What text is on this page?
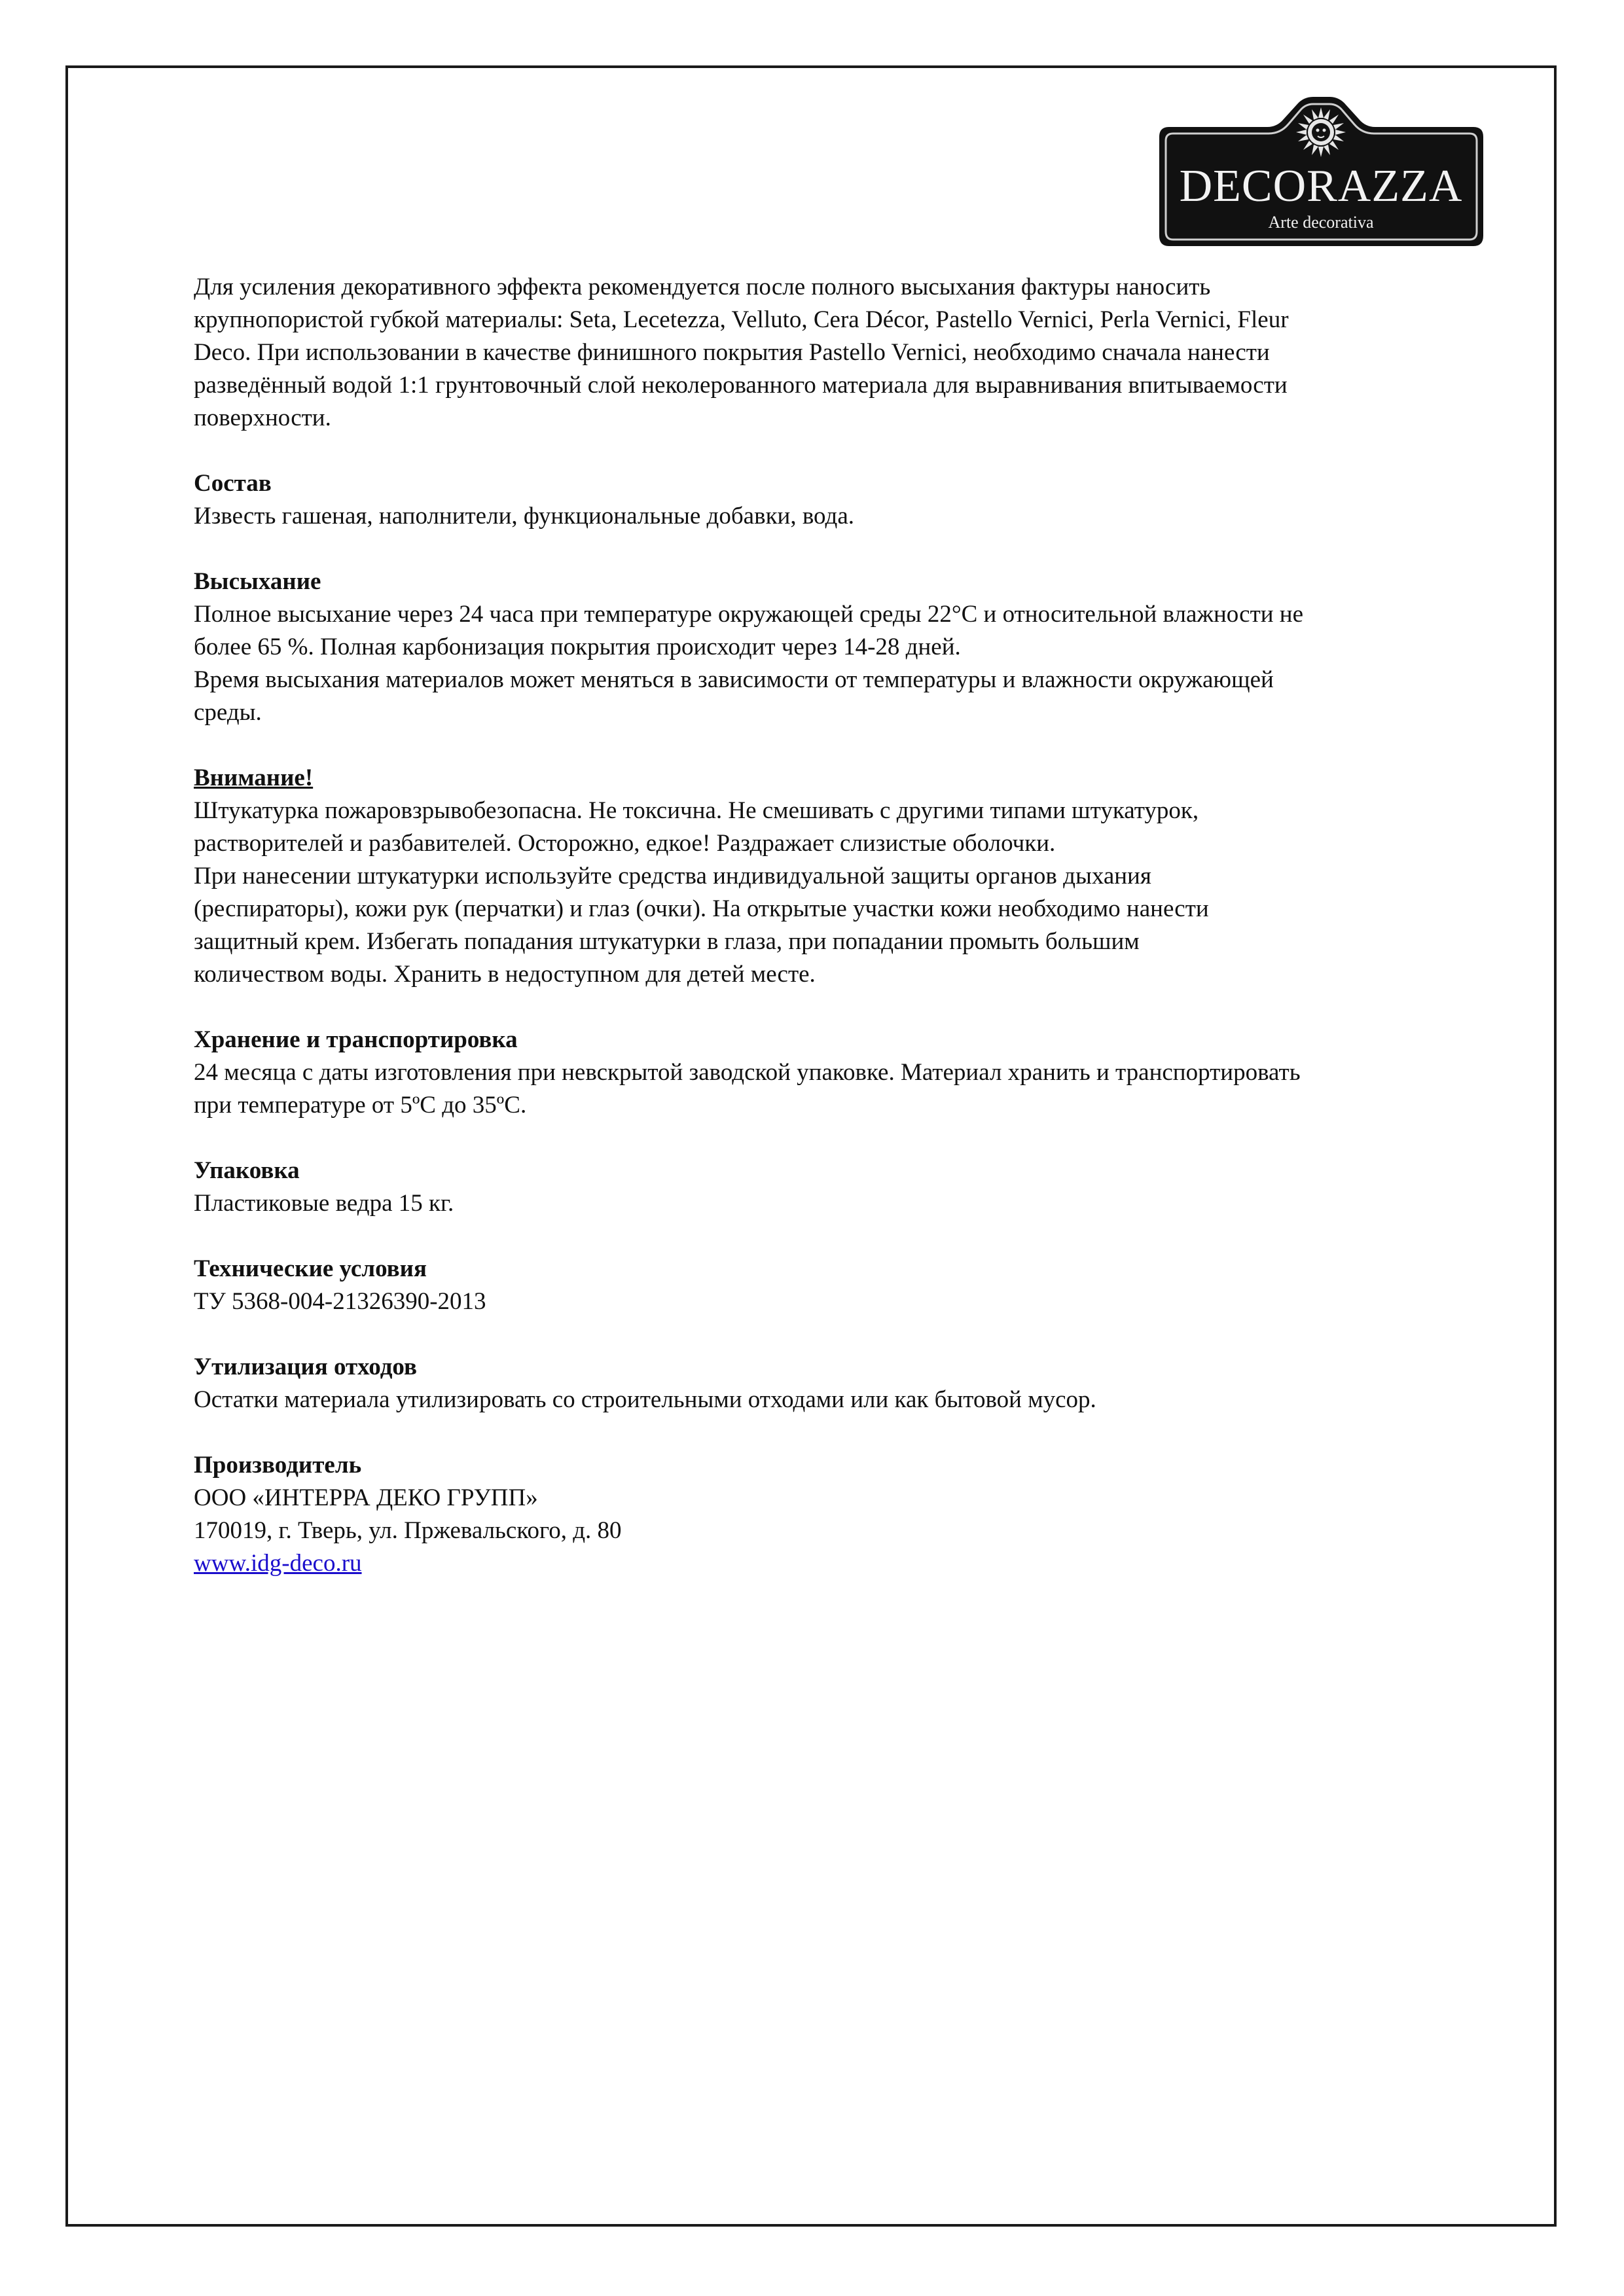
DECORAZZA
Arte decorativa

Для усиления декоративного эффекта рекомендуется после полного высыхания фактуры наносить

крупнопористой губкой материалы: Seta, Lecetezza, Velluto, Cera Décor, Pastello Vernici, Perla Vernici, Fleur

Deco. При использовании в качестве финишного покрытия Pastello Vernici, необходимо сначала нанести

разведённый водой 1:1 грунтовочный слой неколерованного материала для выравнивания впитываемости

поверхности.

Состав

Известь гашеная, наполнители, функциональные добавки, вода.

Высыхание

Полное высыхание через 24 часа при температуре окружающей среды 22°С и относительной влажности не

более 65 %. Полная карбонизация покрытия происходит через 14-28 дней.

Время высыхания материалов может меняться в зависимости от температуры и влажности окружающей

среды.

Внимание!

Штукатурка пожаровзрывобезопасна. Не токсична. Не смешивать с другими типами штукатурок,

растворителей и разбавителей. Осторожно, едкое! Раздражает слизистые оболочки.

При нанесении штукатурки используйте средства индивидуальной защиты органов дыхания

(респираторы), кожи рук (перчатки) и глаз (очки). На открытые участки кожи необходимо нанести

защитный крем. Избегать попадания штукатурки в глаза, при попадании промыть большим

количеством воды. Хранить в недоступном для детей месте.

Хранение и транспортировка

24 месяца с даты изготовления при невскрытой заводской упаковке. Материал хранить и транспортировать

при температуре от 5ºС до 35ºС.

Упаковка

Пластиковые ведра 15 кг.

Технические условия

ТУ 5368-004-21326390-2013

Утилизация отходов

Остатки материала утилизировать со строительными отходами или как бытовой мусор.

Производитель

ООО «ИНТЕРРА ДЕКО ГРУПП»

170019, г. Тверь, ул. Пржевальского, д. 80

www.idg-deco.ru
